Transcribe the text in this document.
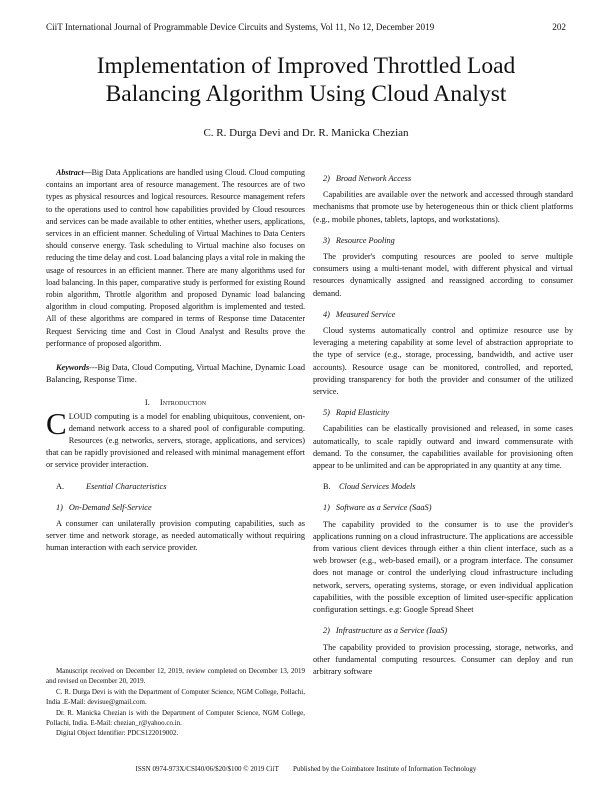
CiiT International Journal of Programmable Device Circuits and Systems, Vol 11, No 12, December 2019	202
Implementation of Improved Throttled Load
Balancing Algorithm Using Cloud Analyst
C. R. Durga Devi and Dr. R. Manicka Chezian

Abstract—Big Data Applications are handled using Cloud. Cloud computing contains an important area of resource management. The resources are of two types as physical resources and logical resources. Resource management refers to the operations used to control how capabilities provided by Cloud resources and services can be made available to other entities, whether users, applications, services in an efficient manner. Scheduling of Virtual Machines to Data Centers should conserve energy. Task scheduling to Virtual machine also focuses on reducing the time delay and cost. Load balancing plays a vital role in making the usage of resources in an efficient manner. There are many algorithms used for load balancing. In this paper, comparative study is performed for existing Round robin algorithm, Throttle algorithm and proposed Dynamic load balancing algorithm in cloud computing. Proposed algorithm is implemented and tested. All of these algorithms are compared in terms of Response time Datacenter Request Servicing time and Cost in Cloud Analyst and Results prove the performance of proposed algorithm.

Keywords---Big Data, Cloud Computing, Virtual Machine, Dynamic Load Balancing, Response Time.

I. Introduction

CLOUD computing is a model for enabling ubiquitous, convenient, on-demand network access to a shared pool of configurable computing. Resources (e.g networks, servers, storage, applications, and services) that can be rapidly provisioned and released with minimal management effort or service provider interaction.

A.	Esential Characteristics
1) On-Demand Self-Service

A consumer can unilaterally provision computing capabilities, such as server time and network storage, as needed automatically without requiring human interaction with each service provider.

Manuscript received on December 12, 2019, review completed on December 13, 2019 and revised on December 20, 2019.

C. R. Durga Devi is with the Department of Computer Science, NGM College, Pollachi, India .E-Mail: devisue@gmail.com.

Dr. R. Manicka Chezian is with the Department of Computer Science, NGM College, Pollachi, India. E-Mail: chezian_r@yahoo.co.in.

Digital Object Identifier: PDCS122019002.

2) Broad Network Access

Capabilities are available over the network and accessed through standard mechanisms that promote use by heterogeneous thin or thick client platforms (e.g., mobile phones, tablets, laptops, and workstations).

3) Resource Pooling

The provider's computing resources are pooled to serve multiple consumers using a multi-tenant model, with different physical and virtual resources dynamically assigned and reassigned according to consumer demand.

4) Measured Service

Cloud systems automatically control and optimize resource use by leveraging a metering capability at some level of abstraction appropriate to the type of service (e.g., storage, processing, bandwidth, and active user accounts). Resource usage can be monitored, controlled, and reported, providing transparency for both the provider and consumer of the utilized service.

5) Rapid Elasticity

Capabilities can be elastically provisioned and released, in some cases automatically, to scale rapidly outward and inward commensurate with demand. To the consumer, the capabilities available for provisioning often appear to be unlimited and can be appropriated in any quantity at any time.

B. Cloud Services Models
1) Software as a Service (SaaS)

The capability provided to the consumer is to use the provider's applications running on a cloud infrastructure. The applications are accessible from various client devices through either a thin client interface, such as a web browser (e.g., web-based email), or a program interface. The consumer does not manage or control the underlying cloud infrastructure including network, servers, operating systems, storage, or even individual application capabilities, with the possible exception of limited user-specific application configuration settings. e.g: Google Spread Sheet

2) Infrastructure as a Service (IaaS)

The capability provided to provision processing, storage, networks, and other fundamental computing resources. Consumer can deploy and run arbitrary software

ISSN 0974-973X/CSI40/06/$20/$100 © 2019 CiiT Published by the Coimbatore Institute of Information Technology
